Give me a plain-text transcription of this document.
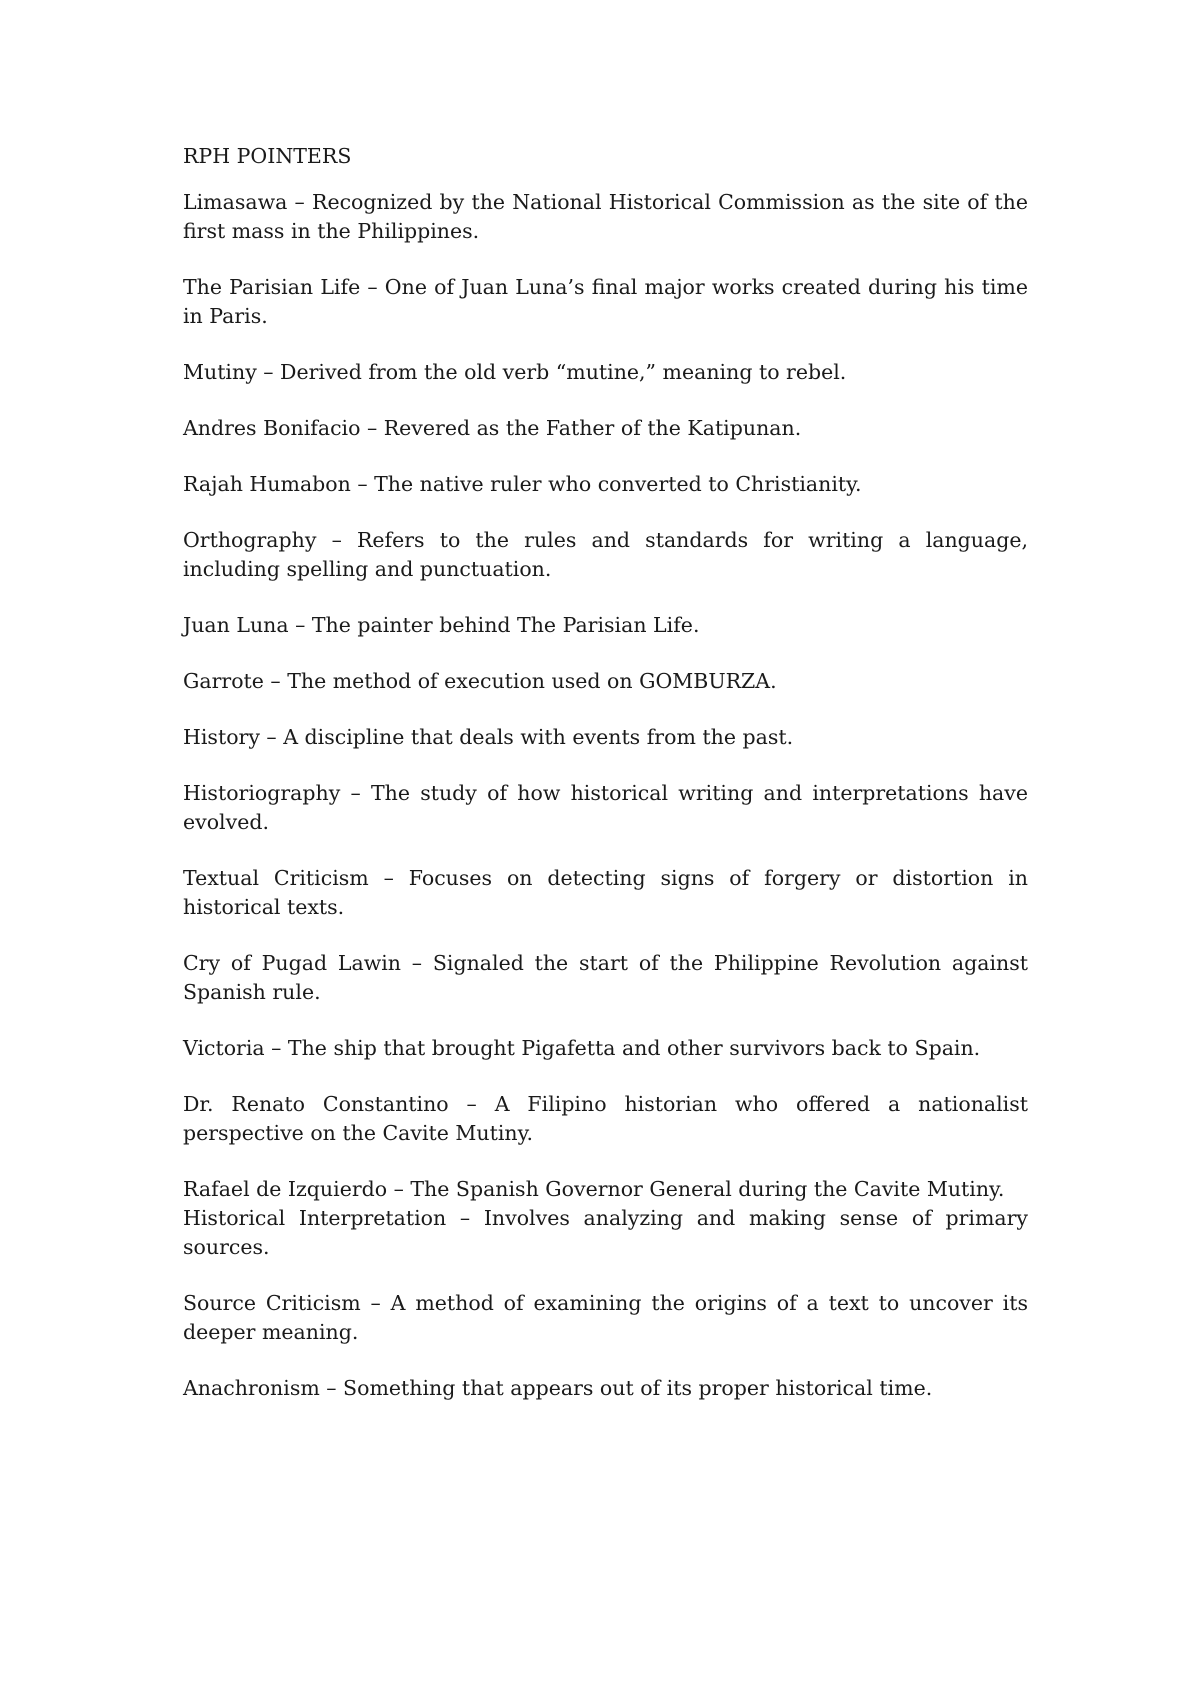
RPH POINTERS

Limasawa – Recognized by the National Historical Commission as the site of the first mass in the Philippines.

The Parisian Life – One of Juan Luna’s final major works created during his time in Paris.

Mutiny – Derived from the old verb “mutine,” meaning to rebel.

Andres Bonifacio – Revered as the Father of the Katipunan.

Rajah Humabon – The native ruler who converted to Christianity.

Orthography – Refers to the rules and standards for writing a language, including spelling and punctuation.

Juan Luna – The painter behind The Parisian Life.

Garrote – The method of execution used on GOMBURZA.

History – A discipline that deals with events from the past.

Historiography – The study of how historical writing and interpretations have evolved.

Textual Criticism – Focuses on detecting signs of forgery or distortion in historical texts.

Cry of Pugad Lawin – Signaled the start of the Philippine Revolution against Spanish rule.

Victoria – The ship that brought Pigafetta and other survivors back to Spain.

Dr. Renato Constantino – A Filipino historian who offered a nationalist perspective on the Cavite Mutiny.

Rafael de Izquierdo – The Spanish Governor General during the Cavite Mutiny.

Historical Interpretation – Involves analyzing and making sense of primary sources.

Source Criticism – A method of examining the origins of a text to uncover its deeper meaning.

Anachronism – Something that appears out of its proper historical time.
